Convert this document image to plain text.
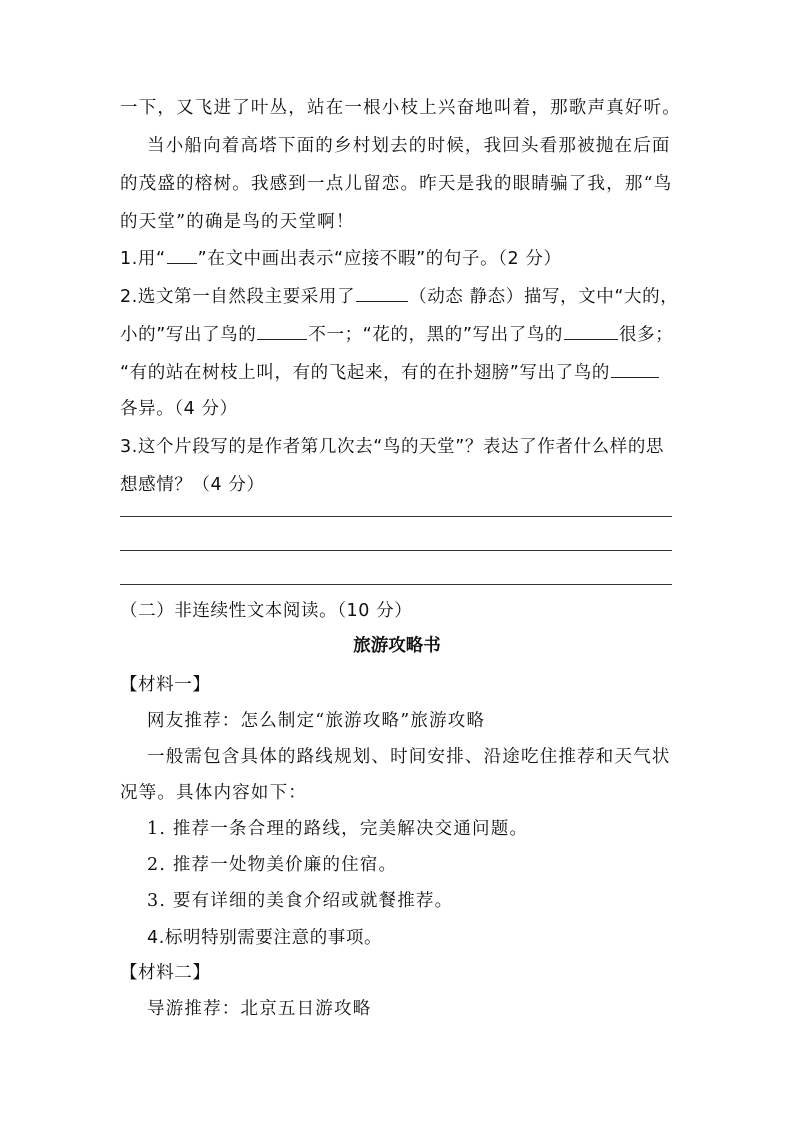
一下，又飞进了叶丛，站在一根小枝上兴奋地叫着，那歌声真好听。
当小船向着高塔下面的乡村划去的时候，我回头看那被抛在后面
的茂盛的榕树。我感到一点儿留恋。昨天是我的眼睛骗了我，那“鸟
的天堂”的确是鸟的天堂啊！
1.用“ ”在文中画出表示“应接不暇”的句子。（2 分）
2.选文第一自然段主要采用了	（动态 静态）描写，文中“大的，
小的”写出了鸟的	不一；“花的，黑的”写出了鸟的	很多；
“有的站在树枝上叫，有的飞起来，有的在扑翅膀”写出了鸟的
各异。（4 分）
3.这个片段写的是作者第几次去“鸟的天堂”？表达了作者什么样的思
想感情？（4 分）
（二）非连续性文本阅读。（10 分）
旅游攻略书
【材料一】
网友推荐：怎么制定“旅游攻略”旅游攻略
一般需包含具体的路线规划、时间安排、沿途吃住推荐和天气状
况等。具体内容如下：
1. 推荐一条合理的路线，完美解决交通问题。
2. 推荐一处物美价廉的住宿。
3. 要有详细的美食介绍或就餐推荐。
4.标明特别需要注意的事项。
【材料二】
导游推荐：北京五日游攻略
